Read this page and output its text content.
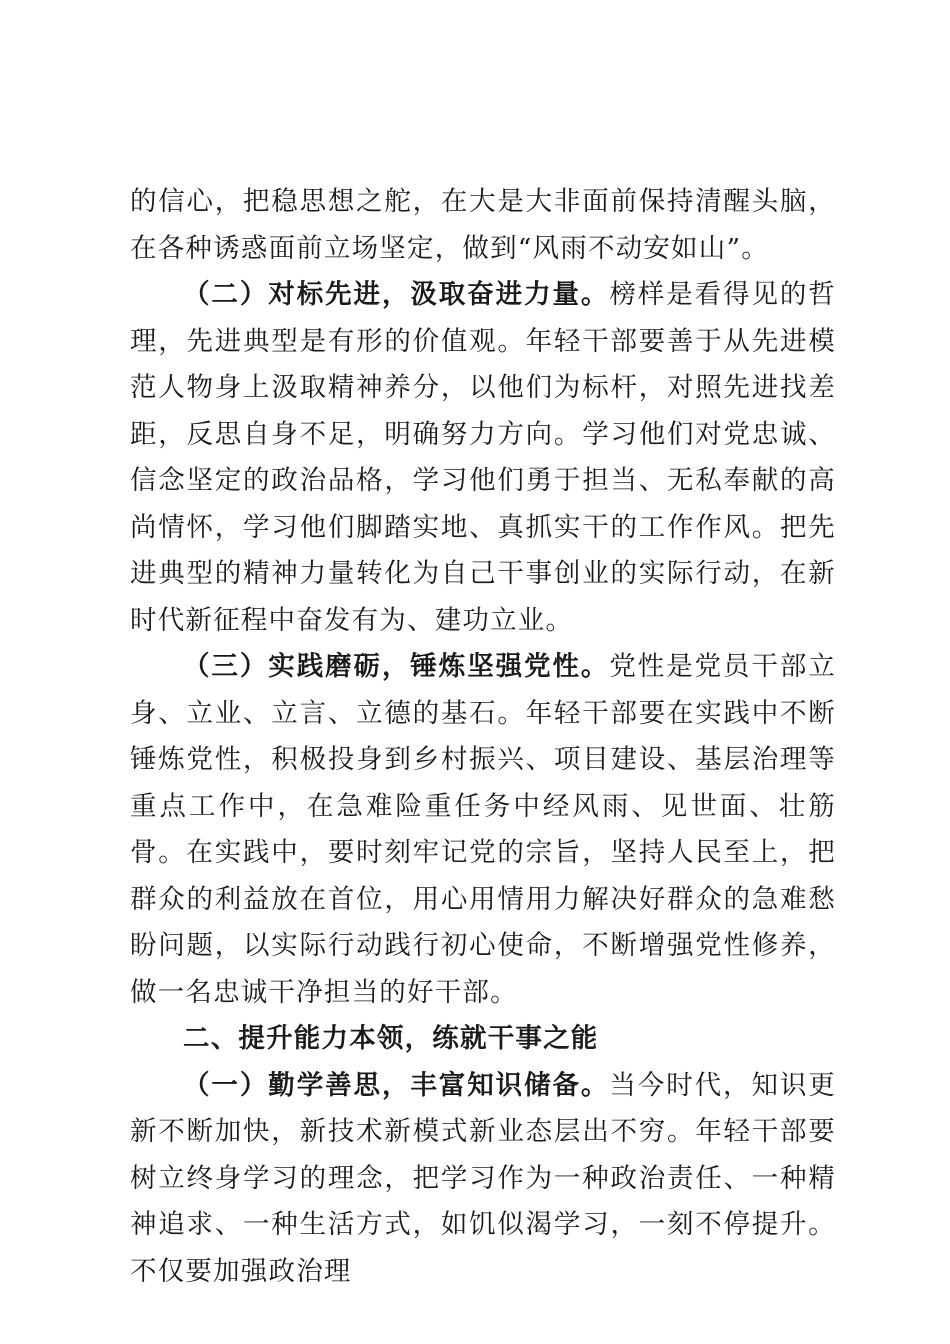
的信心，把稳思想之舵，在大是大非面前保持清醒头脑，在各种诱惑面前立场坚定，做到“风雨不动安如山”。

（二）对标先进，汲取奋进力量。榜样是看得见的哲理，先进典型是有形的价值观。年轻干部要善于从先进模范人物身上汲取精神养分，以他们为标杆，对照先进找差距，反思自身不足，明确努力方向。学习他们对党忠诚、信念坚定的政治品格，学习他们勇于担当、无私奉献的高尚情怀，学习他们脚踏实地、真抓实干的工作作风。把先进典型的精神力量转化为自己干事创业的实际行动，在新时代新征程中奋发有为、建功立业。

（三）实践磨砺，锤炼坚强党性。党性是党员干部立身、立业、立言、立德的基石。年轻干部要在实践中不断锤炼党性，积极投身到乡村振兴、项目建设、基层治理等重点工作中，在急难险重任务中经风雨、见世面、壮筋骨。在实践中，要时刻牢记党的宗旨，坚持人民至上，把群众的利益放在首位，用心用情用力解决好群众的急难愁盼问题，以实际行动践行初心使命，不断增强党性修养，做一名忠诚干净担当的好干部。

二、提升能力本领，练就干事之能

（一）勤学善思，丰富知识储备。当今时代，知识更新不断加快，新技术新模式新业态层出不穷。年轻干部要树立终身学习的理念，把学习作为一种政治责任、一种精神追求、一种生活方式，如饥似渴学习，一刻不停提升。不仅要加强政治理
